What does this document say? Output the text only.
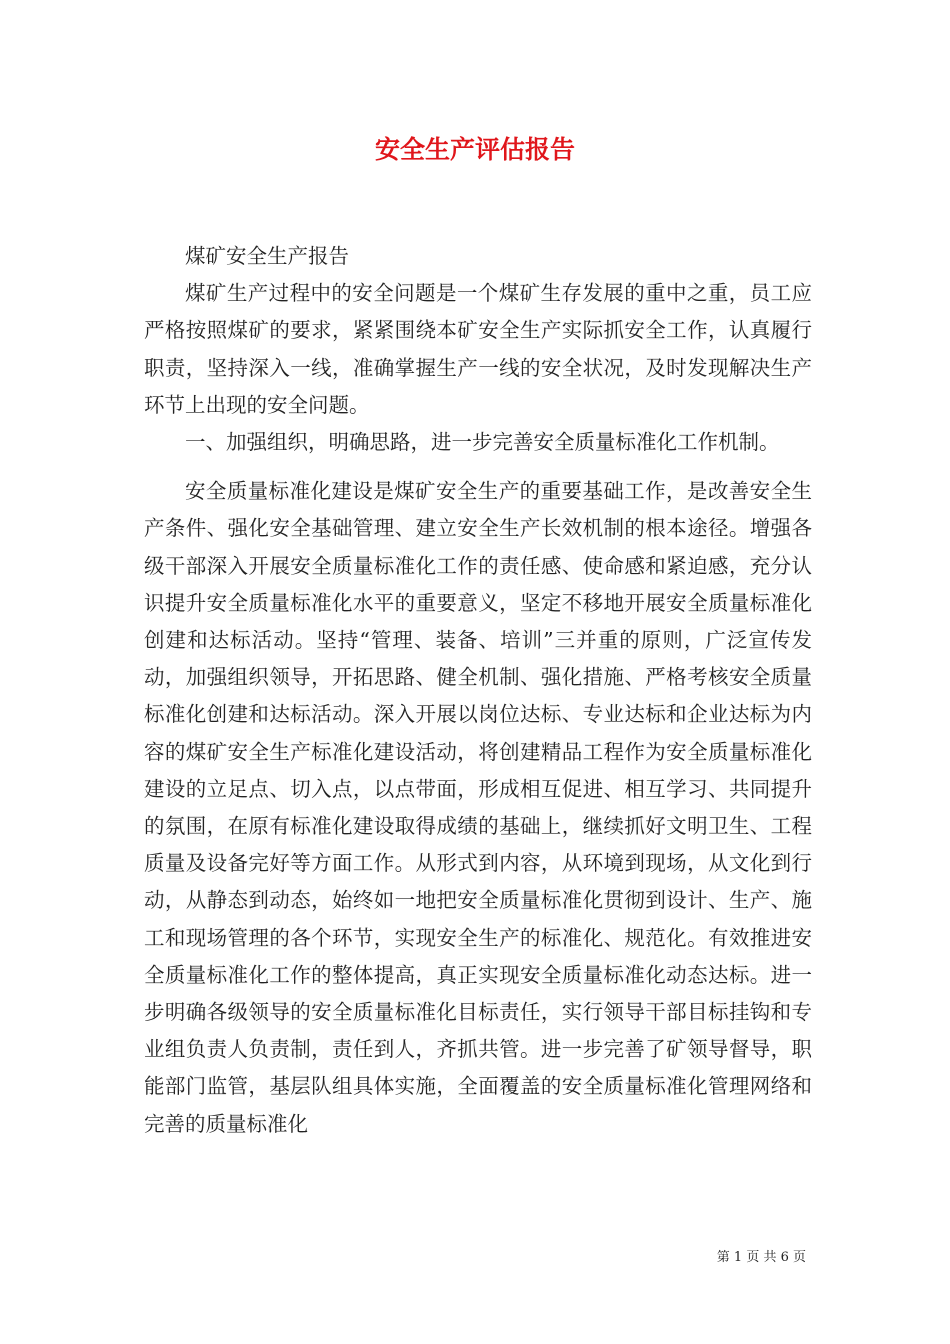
安全生产评估报告

煤矿安全生产报告

煤矿生产过程中的安全问题是一个煤矿生存发展的重中之重，员工应严格按照煤矿的要求，紧紧围绕本矿安全生产实际抓安全工作，认真履行职责，坚持深入一线，准确掌握生产一线的安全状况，及时发现解决生产环节上出现的安全问题。

一、加强组织，明确思路，进一步完善安全质量标准化工作机制。

安全质量标准化建设是煤矿安全生产的重要基础工作，是改善安全生产条件、强化安全基础管理、建立安全生产长效机制的根本途径。增强各级干部深入开展安全质量标准化工作的责任感、使命感和紧迫感，充分认识提升安全质量标准化水平的重要意义，坚定不移地开展安全质量标准化创建和达标活动。坚持“管理、装备、培训”三并重的原则，广泛宣传发动，加强组织领导，开拓思路、健全机制、强化措施、严格考核安全质量标准化创建和达标活动。深入开展以岗位达标、专业达标和企业达标为内容的煤矿安全生产标准化建设活动，将创建精品工程作为安全质量标准化建设的立足点、切入点，以点带面，形成相互促进、相互学习、共同提升的氛围，在原有标准化建设取得成绩的基础上，继续抓好文明卫生、工程质量及设备完好等方面工作。从形式到内容，从环境到现场，从文化到行动，从静态到动态，始终如一地把安全质量标准化贯彻到设计、生产、施工和现场管理的各个环节，实现安全生产的标准化、规范化。有效推进安全质量标准化工作的整体提高，真正实现安全质量标准化动态达标。进一步明确各级领导的安全质量标准化目标责任，实行领导干部目标挂钩和专业组负责人负责制，责任到人，齐抓共管。进一步完善了矿领导督导，职能部门监管，基层队组具体实施，全面覆盖的安全质量标准化管理网络和完善的质量标准化

第 1 页 共 6 页
